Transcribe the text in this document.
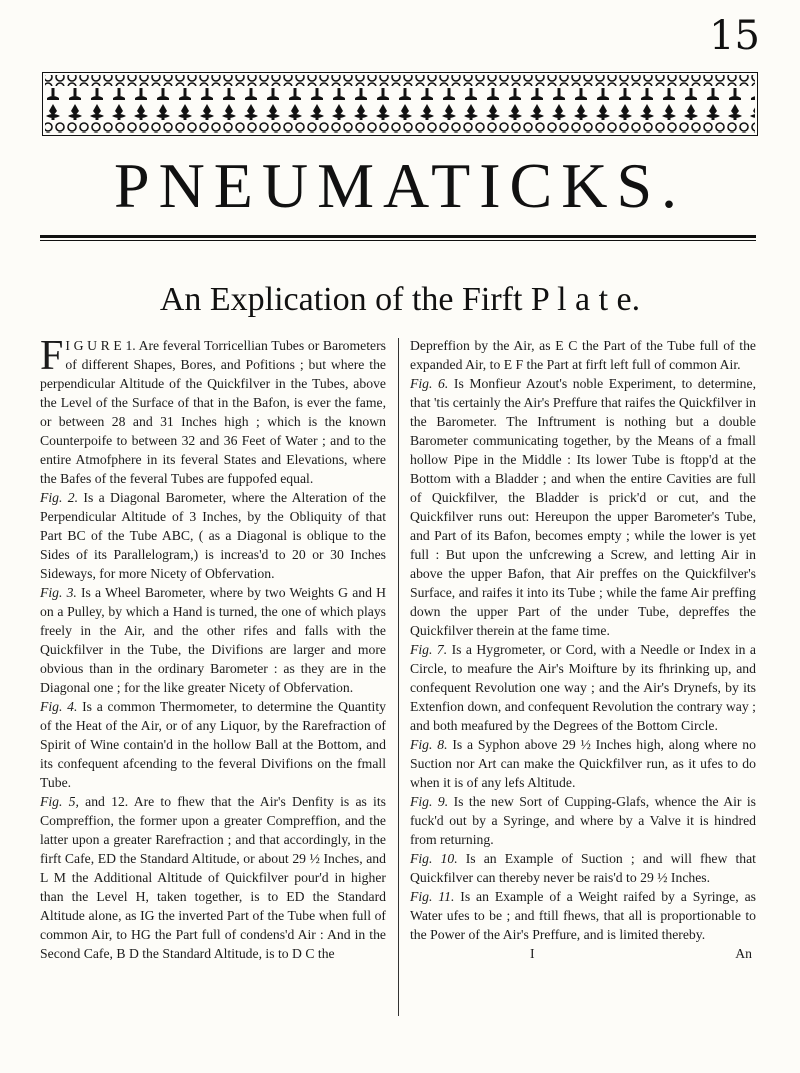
15
PNEUMATICKS.
An Explication of the Firft P l a t e.

F I G U R E 1. Are feveral Torricellian Tubes or Barometers of different Shapes, Bores, and Pofitions ; but where the perpendicular Altitude of the Quickfilver in the Tubes, above the Level of the Surface of that in the Bafon, is ever the fame, or between 28 and 31 Inches high ; which is the known Counterpoife to between 32 and 36 Feet of Water ; and to the entire Atmofphere in its feveral States and Elevations, where the Bafes of the feveral Tubes are fuppofed equal.

Fig. 2. Is a Diagonal Barometer, where the Alteration of the Perpendicular Altitude of 3 Inches, by the Obliquity of that Part BC of the Tube ABC, ( as a Diagonal is oblique to the Sides of its Parallelogram,) is increas'd to 20 or 30 Inches Sideways, for more Nicety of Obfervation.

Fig. 3. Is a Wheel Barometer, where by two Weights G and H on a Pulley, by which a Hand is turned, the one of which plays freely in the Air, and the other rifes and falls with the Quickfilver in the Tube, the Divifions are larger and more obvious than in the ordinary Barometer : as they are in the Diagonal one ; for the like greater Nicety of Obfervation.

Fig. 4. Is a common Thermometer, to determine the Quantity of the Heat of the Air, or of any Liquor, by the Rarefraction of Spirit of Wine contain'd in the hollow Ball at the Bottom, and its confequent afcending to the feveral Divifions on the fmall Tube.

Fig. 5, and 12. Are to fhew that the Air's Denfity is as its Compreffion, the former upon a greater Compreffion, and the latter upon a greater Rarefraction ; and that accordingly, in the firft Cafe, ED the Standard Altitude, or about 29 ½ Inches, and L M the Additional Altitude of Quickfilver pour'd in higher than the Level H, taken together, is to ED the Standard Altitude alone, as IG the inverted Part of the Tube when full of common Air, to HG the Part full of condens'd Air : And in the Second Cafe, B D the Standard Altitude, is to D C the

Depreffion by the Air, as E C the Part of the Tube full of the expanded Air, to E F the Part at firft left full of common Air.

Fig. 6. Is Monfieur Azout's noble Experiment, to determine, that 'tis certainly the Air's Preffure that raifes the Quickfilver in the Barometer. The Inftrument is nothing but a double Barometer communicating together, by the Means of a fmall hollow Pipe in the Middle : Its lower Tube is ftopp'd at the Bottom with a Bladder ; and when the entire Cavities are full of Quickfilver, the Bladder is prick'd or cut, and the Quickfilver runs out: Hereupon the upper Barometer's Tube, and Part of its Bafon, becomes empty ; while the lower is yet full : But upon the unfcrewing a Screw, and letting Air in above the upper Bafon, that Air preffes on the Quickfilver's Surface, and raifes it into its Tube ; while the fame Air preffing down the upper Part of the under Tube, depreffes the Quickfilver therein at the fame time.

Fig. 7. Is a Hygrometer, or Cord, with a Needle or Index in a Circle, to meafure the Air's Moifture by its fhrinking up, and confequent Revolution one way ; and the Air's Drynefs, by its Extenfion down, and confequent Revolution the contrary way ; and both meafured by the Degrees of the Bottom Circle.

Fig. 8. Is a Syphon above 29 ½ Inches high, along where no Suction nor Art can make the Quickfilver run, as it ufes to do when it is of any lefs Altitude.

Fig. 9. Is the new Sort of Cupping-Glafs, whence the Air is fuck'd out by a Syringe, and where by a Valve it is hindred from returning.

Fig. 10. Is an Example of Suction ; and will fhew that Quickfilver can thereby never be rais'd to 29 ½ Inches.

Fig. 11. Is an Example of a Weight raifed by a Syringe, as Water ufes to be ; and ftill fhews, that all is proportionable to the Power of the Air's Preffure, and is limited thereby.

I	An
